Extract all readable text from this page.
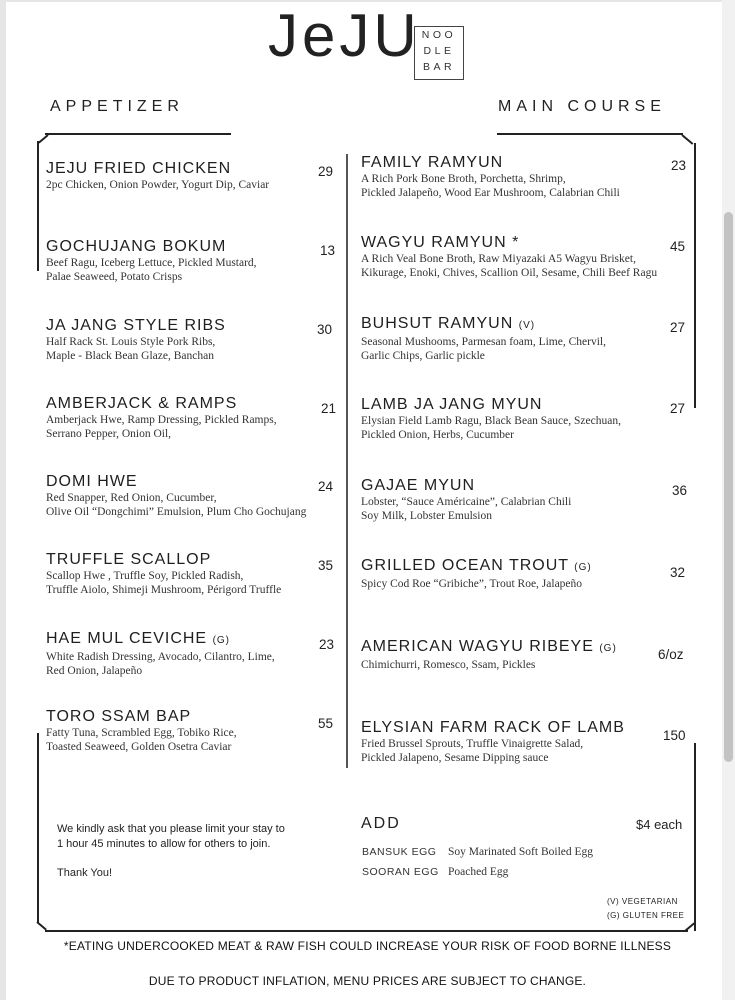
JeJU NOO
DLE
BAR
APPETIZER	MAIN COURSE
JEJU FRIED CHICKEN
2pc Chicken, Onion Powder, Yogurt Dip, Caviar
29
GOCHUJANG BOKUM
Beef Ragu, Iceberg Lettuce, Pickled Mustard,
Palae Seaweed, Potato Crisps
13
JA JANG STYLE RIBS
Half Rack St. Louis Style Pork Ribs,
Maple - Black Bean Glaze, Banchan
30
AMBERJACK & RAMPS
Amberjack Hwe, Ramp Dressing, Pickled Ramps,
Serrano Pepper, Onion Oil,
21
DOMI HWE
Red Snapper, Red Onion, Cucumber,
Olive Oil “Dongchimi” Emulsion, Plum Cho Gochujang
24
TRUFFLE SCALLOP
Scallop Hwe , Truffle Soy, Pickled Radish,
Truffle Aiolo, Shimeji Mushroom, Périgord Truffle
35
HAE MUL CEVICHE (G)
White Radish Dressing, Avocado, Cilantro, Lime,
Red Onion, Jalapeño
23
TORO SSAM BAP
Fatty Tuna, Scrambled Egg, Tobiko Rice,
Toasted Seaweed, Golden Osetra Caviar
55
FAMILY RAMYUN
A Rich Pork Bone Broth, Porchetta, Shrimp,
Pickled Jalapeño, Wood Ear Mushroom, Calabrian Chili
23
WAGYU RAMYUN *
A Rich Veal Bone Broth, Raw Miyazaki A5 Wagyu Brisket,
Kikurage, Enoki, Chives, Scallion Oil, Sesame, Chili Beef Ragu
45
BUHSUT RAMYUN (V)
Seasonal Mushooms, Parmesan foam, Lime, Chervil,
Garlic Chips, Garlic pickle
27
LAMB JA JANG MYUN
Elysian Field Lamb Ragu, Black Bean Sauce, Szechuan,
Pickled Onion, Herbs, Cucumber
27
GAJAE MYUN
Lobster, “Sauce Américaine”, Calabrian Chili
Soy Milk, Lobster Emulsion
36
GRILLED OCEAN TROUT (G)
Spicy Cod Roe “Gribiche”, Trout Roe, Jalapeño
32
AMERICAN WAGYU RIBEYE (G)
Chimichurri, Romesco, Ssam, Pickles
6/oz
ELYSIAN FARM RACK OF LAMB
Fried Brussel Sprouts, Truffle Vinaigrette Salad,
Pickled Jalapeno, Sesame Dipping sauce
150
We kindly ask that you please limit your stay to
1 hour 45 minutes to allow for others to join.
Thank You!
ADD	$4 each
BANSUK EGG Soy Marinated Soft Boiled Egg
SOORAN EGG Poached Egg
(V) VEGETARIAN
(G) GLUTEN FREE
*EATING UNDERCOOKED MEAT & RAW FISH COULD INCREASE YOUR RISK OF FOOD BORNE ILLNESS
DUE TO PRODUCT INFLATION, MENU PRICES ARE SUBJECT TO CHANGE.
